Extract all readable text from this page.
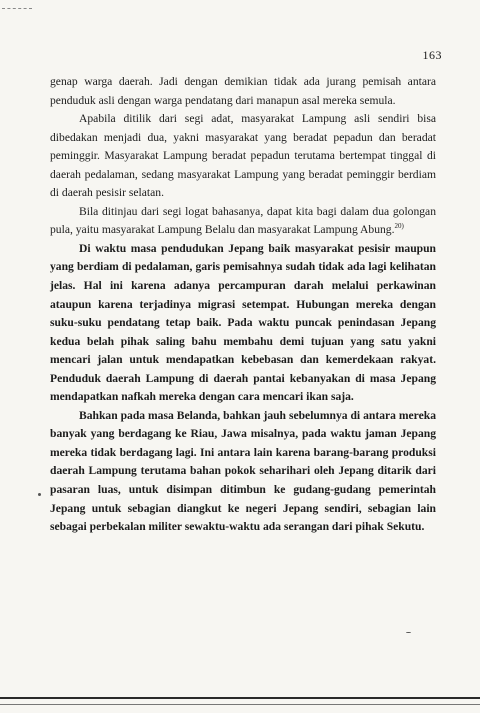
163

genap warga daerah. Jadi dengan demikian tidak ada jurang pemisah antara penduduk asli dengan warga pendatang dari manapun asal mereka semula.

Apabila ditilik dari segi adat, masyarakat Lampung asli sendiri bisa dibedakan menjadi dua, yakni masyarakat yang beradat pepadun dan beradat peminggir. Masyarakat Lampung beradat pepadun terutama bertempat tinggal di daerah pedalaman, sedang masyarakat Lampung yang beradat peminggir berdiam di daerah pesisir selatan.

Bila ditinjau dari segi logat bahasanya, dapat kita bagi dalam dua golongan pula, yaitu masyarakat Lampung Belalu dan masyarakat Lampung Abung.$^{20)}$

Di waktu masa pendudukan Jepang baik masyarakat pesisir maupun yang berdiam di pedalaman, garis pemisahnya sudah tidak ada lagi kelihatan jelas. Hal ini karena adanya percampuran darah melalui perkawinan ataupun karena terjadinya migrasi setempat. Hubungan mereka dengan suku-suku pendatang tetap baik. Pada waktu puncak penindasan Jepang kedua belah pihak saling bahu membahu demi tujuan yang satu yakni mencari jalan untuk mendapatkan kebebasan dan kemerdekaan rakyat. Penduduk daerah Lampung di daerah pantai kebanyakan di masa Jepang mendapatkan nafkah mereka dengan cara mencari ikan saja.

Bahkan pada masa Belanda, bahkan jauh sebelumnya di antara mereka banyak yang berdagang ke Riau, Jawa misalnya, pada waktu jaman Jepang mereka tidak berdagang lagi. Ini antara lain karena barang-barang produksi daerah Lampung terutama bahan pokok seharihari oleh Jepang ditarik dari pasaran luas, untuk disimpan ditimbun ke gudang-gudang pemerintah Jepang untuk sebagian diangkut ke negeri Jepang sendiri, sebagian lain sebagai perbekalan militer sewaktu-waktu ada serangan dari pihak Sekutu.
